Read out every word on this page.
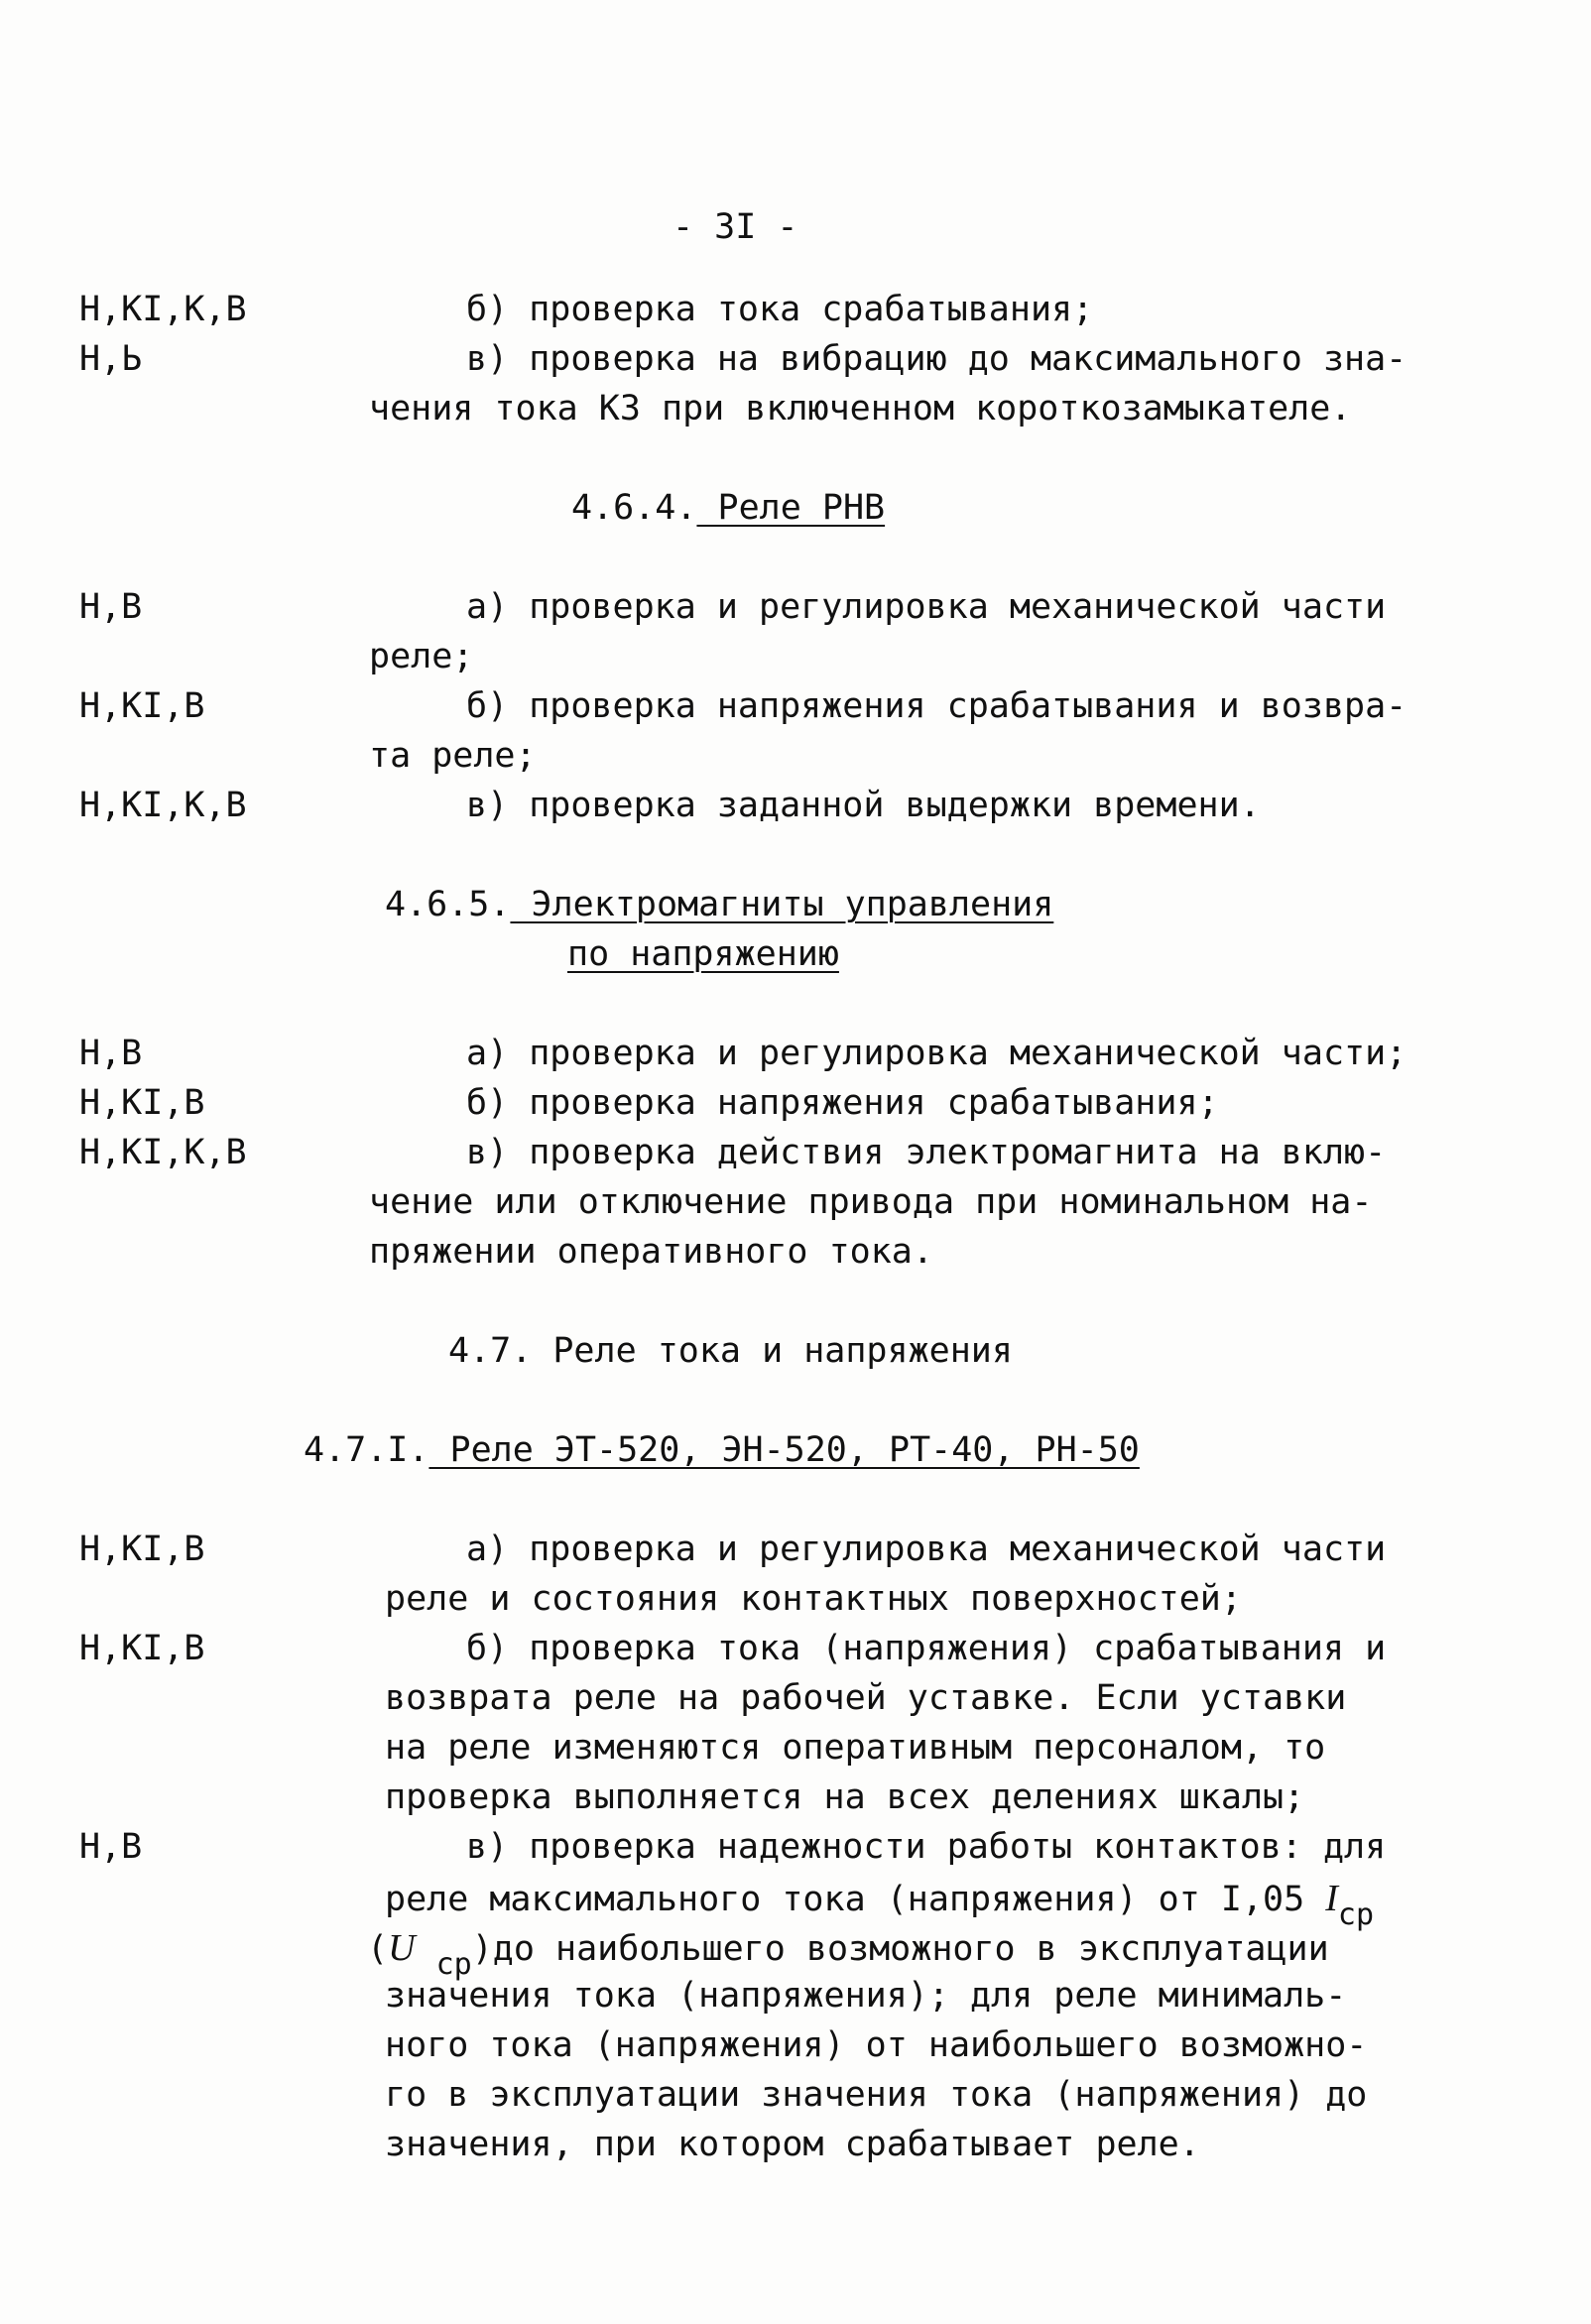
- 3I -
Н,КI,К,В	б) проверка тока срабатывания;
Н,Ь	в) проверка на вибрацию до максимального зна-
чения тока КЗ при включенном короткозамыкателе.
4.6.4. Реле РНВ
Н,В	а) проверка и регулировка механической части
реле;
Н,КI,В	б) проверка напряжения срабатывания и возвра-
та реле;
Н,КI,К,В	в) проверка заданной выдержки времени.
4.6.5. Электромагниты управления
по напряжению
Н,В	а) проверка и регулировка механической части;
Н,КI,В	б) проверка напряжения срабатывания;
Н,КI,К,В	в) проверка действия электромагнита на вклю-
чение или отключение привода при номинальном на-
пряжении оперативного тока.
4.7. Реле тока и напряжения
4.7.I. Реле ЭТ-520, ЭН-520, РТ-40, РН-50
Н,КI,В	а) проверка и регулировка механической части
реле и состояния контактных поверхностей;
Н,КI,В	б) проверка тока (напряжения) срабатывания и
возврата реле на рабочей уставке. Если уставки
на реле изменяются оперативным персоналом, то
проверка выполняется на всех делениях шкалы;
Н,В	в) проверка надежности работы контактов: для
реле максимального тока (напряжения) от I,05 Iср
(U ср)до наибольшего возможного в эксплуатации
значения тока (напряжения); для реле минималь-
ного тока (напряжения) от наибольшего возможно-
го в эксплуатации значения тока (напряжения) до
значения, при котором срабатывает реле.
